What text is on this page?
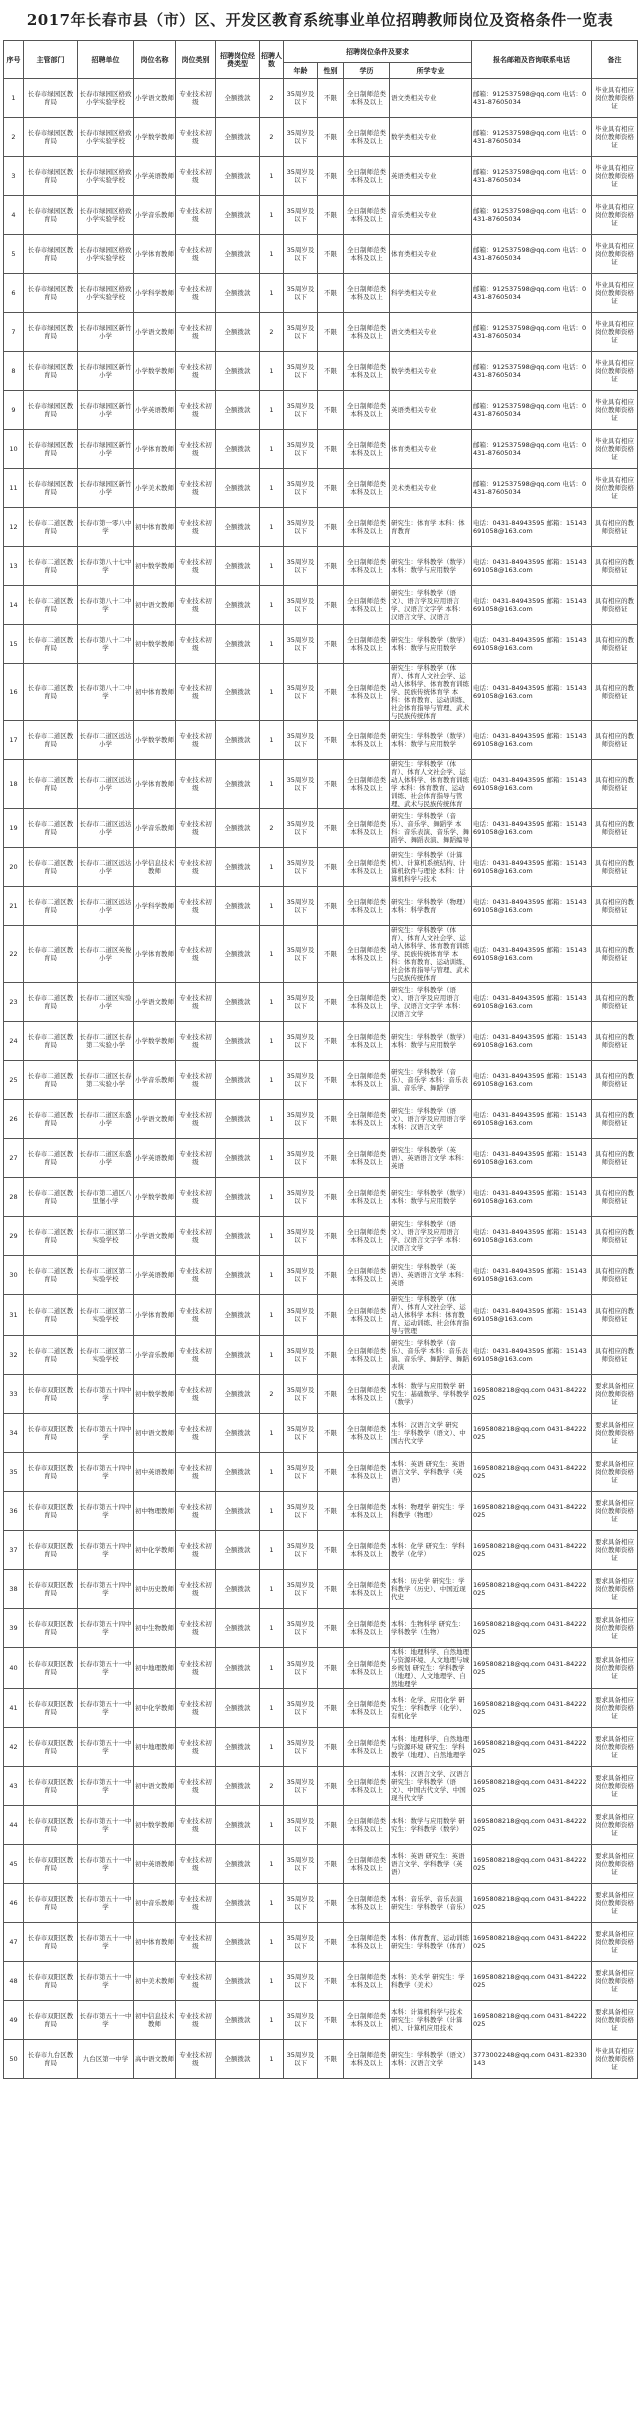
2017年长春市县（市）区、开发区教育系统事业单位招聘教师岗位及资格条件一览表
序号	主管部门	招聘单位	岗位名称	岗位类别	招聘岗位经费类型	招聘人数	招聘岗位条件及要求				报名邮箱及咨询联系电话	备注
							年龄	性别	学历	所学专业		
1	长春市绿园区教育局	长春市绿园区格致小学实验学校	小学语文教师	专业技术初级	全额拨款	2	35周岁及以下	不限	全日制师范类本科及以上	语文类相关专业	邮箱：912537598@qq.com 电话：0431-87605034	毕业具有相应岗位教师资格证
2	长春市绿园区教育局	长春市绿园区格致小学实验学校	小学数学教师	专业技术初级	全额拨款	2	35周岁及以下	不限	全日制师范类本科及以上	数学类相关专业	邮箱：912537598@qq.com 电话：0431-87605034	毕业具有相应岗位教师资格证
3	长春市绿园区教育局	长春市绿园区格致小学实验学校	小学英语教师	专业技术初级	全额拨款	1	35周岁及以下	不限	全日制师范类本科及以上	英语类相关专业	邮箱：912537598@qq.com 电话：0431-87605034	毕业具有相应岗位教师资格证
4	长春市绿园区教育局	长春市绿园区格致小学实验学校	小学音乐教师	专业技术初级	全额拨款	1	35周岁及以下	不限	全日制师范类本科及以上	音乐类相关专业	邮箱：912537598@qq.com 电话：0431-87605034	毕业具有相应岗位教师资格证
5	长春市绿园区教育局	长春市绿园区格致小学实验学校	小学体育教师	专业技术初级	全额拨款	1	35周岁及以下	不限	全日制师范类本科及以上	体育类相关专业	邮箱：912537598@qq.com 电话：0431-87605034	毕业具有相应岗位教师资格证
6	长春市绿园区教育局	长春市绿园区格致小学实验学校	小学科学教师	专业技术初级	全额拨款	1	35周岁及以下	不限	全日制师范类本科及以上	科学类相关专业	邮箱：912537598@qq.com 电话：0431-87605034	毕业具有相应岗位教师资格证
7	长春市绿园区教育局	长春市绿园区新竹小学	小学语文教师	专业技术初级	全额拨款	2	35周岁及以下	不限	全日制师范类本科及以上	语文类相关专业	邮箱：912537598@qq.com 电话：0431-87605034	毕业具有相应岗位教师资格证
8	长春市绿园区教育局	长春市绿园区新竹小学	小学数学教师	专业技术初级	全额拨款	1	35周岁及以下	不限	全日制师范类本科及以上	数学类相关专业	邮箱：912537598@qq.com 电话：0431-87605034	毕业具有相应岗位教师资格证
9	长春市绿园区教育局	长春市绿园区新竹小学	小学英语教师	专业技术初级	全额拨款	1	35周岁及以下	不限	全日制师范类本科及以上	英语类相关专业	邮箱：912537598@qq.com 电话：0431-87605034	毕业具有相应岗位教师资格证
10	长春市绿园区教育局	长春市绿园区新竹小学	小学体育教师	专业技术初级	全额拨款	1	35周岁及以下	不限	全日制师范类本科及以上	体育类相关专业	邮箱：912537598@qq.com 电话：0431-87605034	毕业具有相应岗位教师资格证
11	长春市绿园区教育局	长春市绿园区新竹小学	小学美术教师	专业技术初级	全额拨款	1	35周岁及以下	不限	全日制师范类本科及以上	美术类相关专业	邮箱：912537598@qq.com 电话：0431-87605034	毕业具有相应岗位教师资格证
12	长春市二道区教育局	长春市第一零八中学	初中体育教师	专业技术初级	全额拨款	1	35周岁及以下	不限	全日制师范类本科及以上	研究生：体育学 本科：体育教育	电话：0431-84943595 邮箱：15143691058@163.com	具有相应的教师资格证
13	长春市二道区教育局	长春市第八十七中学	初中数学教师	专业技术初级	全额拨款	1	35周岁及以下	不限	全日制师范类本科及以上	研究生：学科教学（数学） 本科：数学与应用数学	电话：0431-84943595 邮箱：15143691058@163.com	具有相应的教师资格证
14	长春市二道区教育局	长春市第八十二中学	初中语文教师	专业技术初级	全额拨款	1	35周岁及以下	不限	全日制师范类本科及以上	研究生：学科教学（语文）、语言学及应用语言学、汉语言文字学 本科：汉语言文学、汉语言	电话：0431-84943595 邮箱：15143691058@163.com	具有相应的教师资格证
15	长春市二道区教育局	长春市第八十二中学	初中数学教师	专业技术初级	全额拨款	1	35周岁及以下	不限	全日制师范类本科及以上	研究生：学科教学（数学） 本科：数学与应用数学	电话：0431-84943595 邮箱：15143691058@163.com	具有相应的教师资格证
16	长春市二道区教育局	长春市第八十二中学	初中体育教师	专业技术初级	全额拨款	1	35周岁及以下	不限	全日制师范类本科及以上	研究生：学科教学（体育）、体育人文社会学、运动人体科学、体育教育训练学、民族传统体育学 本科：体育教育、运动训练、社会体育指导与管理、武术与民族传统体育	电话：0431-84943595 邮箱：15143691058@163.com	具有相应的教师资格证
17	长春市二道区教育局	长春市二道区远达小学	小学数学教师	专业技术初级	全额拨款	1	35周岁及以下	不限	全日制师范类本科及以上	研究生：学科教学（数学） 本科：数学与应用数学	电话：0431-84943595 邮箱：15143691058@163.com	具有相应的教师资格证
18	长春市二道区教育局	长春市二道区远达小学	小学体育教师	专业技术初级	全额拨款	1	35周岁及以下	不限	全日制师范类本科及以上	研究生：学科教学（体育）、体育人文社会学、运动人体科学、体育教育训练学 本科：体育教育、运动训练、社会体育指导与管理、武术与民族传统体育	电话：0431-84943595 邮箱：15143691058@163.com	具有相应的教师资格证
19	长春市二道区教育局	长春市二道区远达小学	小学音乐教师	专业技术初级	全额拨款	2	35周岁及以下	不限	全日制师范类本科及以上	研究生：学科教学（音乐）、音乐学、舞蹈学 本科：音乐表演、音乐学、舞蹈学、舞蹈表演、舞蹈编导	电话：0431-84943595 邮箱：15143691058@163.com	具有相应的教师资格证
20	长春市二道区教育局	长春市二道区远达小学	小学信息技术教师	专业技术初级	全额拨款	1	35周岁及以下	不限	全日制师范类本科及以上	研究生：学科教学（计算机）、计算机系统结构、计算机软件与理论 本科：计算机科学与技术	电话：0431-84943595 邮箱：15143691058@163.com	具有相应的教师资格证
21	长春市二道区教育局	长春市二道区远达小学	小学科学教师	专业技术初级	全额拨款	1	35周岁及以下	不限	全日制师范类本科及以上	研究生：学科教学（物理） 本科：科学教育	电话：0431-84943595 邮箱：15143691058@163.com	具有相应的教师资格证
22	长春市二道区教育局	长春市二道区英俊小学	小学体育教师	专业技术初级	全额拨款	1	35周岁及以下	不限	全日制师范类本科及以上	研究生：学科教学（体育）、体育人文社会学、运动人体科学、体育教育训练学、民族传统体育学 本科：体育教育、运动训练、社会体育指导与管理、武术与民族传统体育	电话：0431-84943595 邮箱：15143691058@163.com	具有相应的教师资格证
23	长春市二道区教育局	长春市二道区实验小学	小学语文教师	专业技术初级	全额拨款	1	35周岁及以下	不限	全日制师范类本科及以上	研究生：学科教学（语文）、语言学及应用语言学、汉语言文字学 本科：汉语言文学	电话：0431-84943595 邮箱：15143691058@163.com	具有相应的教师资格证
24	长春市二道区教育局	长春市二道区长春第二实验小学	小学数学教师	专业技术初级	全额拨款	1	35周岁及以下	不限	全日制师范类本科及以上	研究生：学科教学（数学） 本科：数学与应用数学	电话：0431-84943595 邮箱：15143691058@163.com	具有相应的教师资格证
25	长春市二道区教育局	长春市二道区长春第二实验小学	小学音乐教师	专业技术初级	全额拨款	1	35周岁及以下	不限	全日制师范类本科及以上	研究生：学科教学（音乐）、音乐学 本科：音乐表演、音乐学、舞蹈学	电话：0431-84943595 邮箱：15143691058@163.com	具有相应的教师资格证
26	长春市二道区教育局	长春市二道区东盛小学	小学语文教师	专业技术初级	全额拨款	1	35周岁及以下	不限	全日制师范类本科及以上	研究生：学科教学（语文）、语言学及应用语言学 本科：汉语言文学	电话：0431-84943595 邮箱：15143691058@163.com	具有相应的教师资格证
27	长春市二道区教育局	长春市二道区东盛小学	小学英语教师	专业技术初级	全额拨款	1	35周岁及以下	不限	全日制师范类本科及以上	研究生：学科教学（英语）、英语语言文学 本科：英语	电话：0431-84943595 邮箱：15143691058@163.com	具有相应的教师资格证
28	长春市二道区教育局	长春市第二道区八里堡小学	小学数学教师	专业技术初级	全额拨款	1	35周岁及以下	不限	全日制师范类本科及以上	研究生：学科教学（数学） 本科：数学与应用数学	电话：0431-84943595 邮箱：15143691058@163.com	具有相应的教师资格证
29	长春市二道区教育局	长春市二道区第二实验学校	小学语文教师	专业技术初级	全额拨款	1	35周岁及以下	不限	全日制师范类本科及以上	研究生：学科教学（语文）、语言学及应用语言学、汉语言文字学 本科：汉语言文学	电话：0431-84943595 邮箱：15143691058@163.com	具有相应的教师资格证
30	长春市二道区教育局	长春市二道区第二实验学校	小学英语教师	专业技术初级	全额拨款	1	35周岁及以下	不限	全日制师范类本科及以上	研究生：学科教学（英语）、英语语言文学 本科：英语	电话：0431-84943595 邮箱：15143691058@163.com	具有相应的教师资格证
31	长春市二道区教育局	长春市二道区第二实验学校	小学体育教师	专业技术初级	全额拨款	1	35周岁及以下	不限	全日制师范类本科及以上	研究生：学科教学（体育）、体育人文社会学、运动人体科学 本科：体育教育、运动训练、社会体育指导与管理	电话：0431-84943595 邮箱：15143691058@163.com	具有相应的教师资格证
32	长春市二道区教育局	长春市二道区第二实验学校	小学音乐教师	专业技术初级	全额拨款	1	35周岁及以下	不限	全日制师范类本科及以上	研究生：学科教学（音乐）、音乐学 本科：音乐表演、音乐学、舞蹈学、舞蹈表演	电话：0431-84943595 邮箱：15143691058@163.com	具有相应的教师资格证
33	长春市双阳区教育局	长春市第五十四中学	初中数学教师	专业技术初级	全额拨款	2	35周岁及以下	不限	全日制师范类本科及以上	本科：数学与应用数学 研究生：基础数学、学科教学（数学）	1695808218@qq.com 0431-84222025	要求具备相应岗位教师资格证
34	长春市双阳区教育局	长春市第五十四中学	初中语文教师	专业技术初级	全额拨款	1	35周岁及以下	不限	全日制师范类本科及以上	本科：汉语言文学 研究生：学科教学（语文）、中国古代文学	1695808218@qq.com 0431-84222025	要求具备相应岗位教师资格证
35	长春市双阳区教育局	长春市第五十四中学	初中英语教师	专业技术初级	全额拨款	1	35周岁及以下	不限	全日制师范类本科及以上	本科：英语 研究生：英语语言文学、学科教学（英语）	1695808218@qq.com 0431-84222025	要求具备相应岗位教师资格证
36	长春市双阳区教育局	长春市第五十四中学	初中物理教师	专业技术初级	全额拨款	1	35周岁及以下	不限	全日制师范类本科及以上	本科：物理学 研究生：学科教学（物理）	1695808218@qq.com 0431-84222025	要求具备相应岗位教师资格证
37	长春市双阳区教育局	长春市第五十四中学	初中化学教师	专业技术初级	全额拨款	1	35周岁及以下	不限	全日制师范类本科及以上	本科：化学 研究生：学科教学（化学）	1695808218@qq.com 0431-84222025	要求具备相应岗位教师资格证
38	长春市双阳区教育局	长春市第五十四中学	初中历史教师	专业技术初级	全额拨款	1	35周岁及以下	不限	全日制师范类本科及以上	本科：历史学 研究生：学科教学（历史）、中国近现代史	1695808218@qq.com 0431-84222025	要求具备相应岗位教师资格证
39	长春市双阳区教育局	长春市第五十四中学	初中生物教师	专业技术初级	全额拨款	1	35周岁及以下	不限	全日制师范类本科及以上	本科：生物科学 研究生：学科教学（生物）	1695808218@qq.com 0431-84222025	要求具备相应岗位教师资格证
40	长春市双阳区教育局	长春市第五十一中学	初中地理教师	专业技术初级	全额拨款	1	35周岁及以下	不限	全日制师范类本科及以上	本科：地理科学、自然地理与资源环境、人文地理与城乡规划 研究生：学科教学（地理）、人文地理学、自然地理学	1695808218@qq.com 0431-84222025	要求具备相应岗位教师资格证
41	长春市双阳区教育局	长春市第五十一中学	初中化学教师	专业技术初级	全额拨款	1	35周岁及以下	不限	全日制师范类本科及以上	本科：化学、应用化学 研究生：学科教学（化学）、有机化学	1695808218@qq.com 0431-84222025	要求具备相应岗位教师资格证
42	长春市双阳区教育局	长春市第五十一中学	初中地理教师	专业技术初级	全额拨款	1	35周岁及以下	不限	全日制师范类本科及以上	本科：地理科学、自然地理与资源环境 研究生：学科教学（地理）、自然地理学	1695808218@qq.com 0431-84222025	要求具备相应岗位教师资格证
43	长春市双阳区教育局	长春市第五十一中学	初中语文教师	专业技术初级	全额拨款	2	35周岁及以下	不限	全日制师范类本科及以上	本科：汉语言文学、汉语言 研究生：学科教学（语文）、中国古代文学、中国现当代文学	1695808218@qq.com 0431-84222025	要求具备相应岗位教师资格证
44	长春市双阳区教育局	长春市第五十一中学	初中数学教师	专业技术初级	全额拨款	1	35周岁及以下	不限	全日制师范类本科及以上	本科：数学与应用数学 研究生：学科教学（数学）	1695808218@qq.com 0431-84222025	要求具备相应岗位教师资格证
45	长春市双阳区教育局	长春市第五十一中学	初中英语教师	专业技术初级	全额拨款	1	35周岁及以下	不限	全日制师范类本科及以上	本科：英语 研究生：英语语言文学、学科教学（英语）	1695808218@qq.com 0431-84222025	要求具备相应岗位教师资格证
46	长春市双阳区教育局	长春市第五十一中学	初中音乐教师	专业技术初级	全额拨款	1	35周岁及以下	不限	全日制师范类本科及以上	本科：音乐学、音乐表演 研究生：学科教学（音乐）	1695808218@qq.com 0431-84222025	要求具备相应岗位教师资格证
47	长春市双阳区教育局	长春市第五十一中学	初中体育教师	专业技术初级	全额拨款	1	35周岁及以下	不限	全日制师范类本科及以上	本科：体育教育、运动训练 研究生：学科教学（体育）	1695808218@qq.com 0431-84222025	要求具备相应岗位教师资格证
48	长春市双阳区教育局	长春市第五十一中学	初中美术教师	专业技术初级	全额拨款	1	35周岁及以下	不限	全日制师范类本科及以上	本科：美术学 研究生：学科教学（美术）	1695808218@qq.com 0431-84222025	要求具备相应岗位教师资格证
49	长春市双阳区教育局	长春市第五十一中学	初中信息技术教师	专业技术初级	全额拨款	1	35周岁及以下	不限	全日制师范类本科及以上	本科：计算机科学与技术 研究生：学科教学（计算机）、计算机应用技术	1695808218@qq.com 0431-84222025	要求具备相应岗位教师资格证
50	长春市九台区教育局	九台区第一中学	高中语文教师	专业技术初级	全额拨款	1	35周岁及以下	不限	全日制师范类本科及以上	研究生：学科教学（语文） 本科：汉语言文学	3773002248@qq.com 0431-82330143	毕业具有相应岗位教师资格证
